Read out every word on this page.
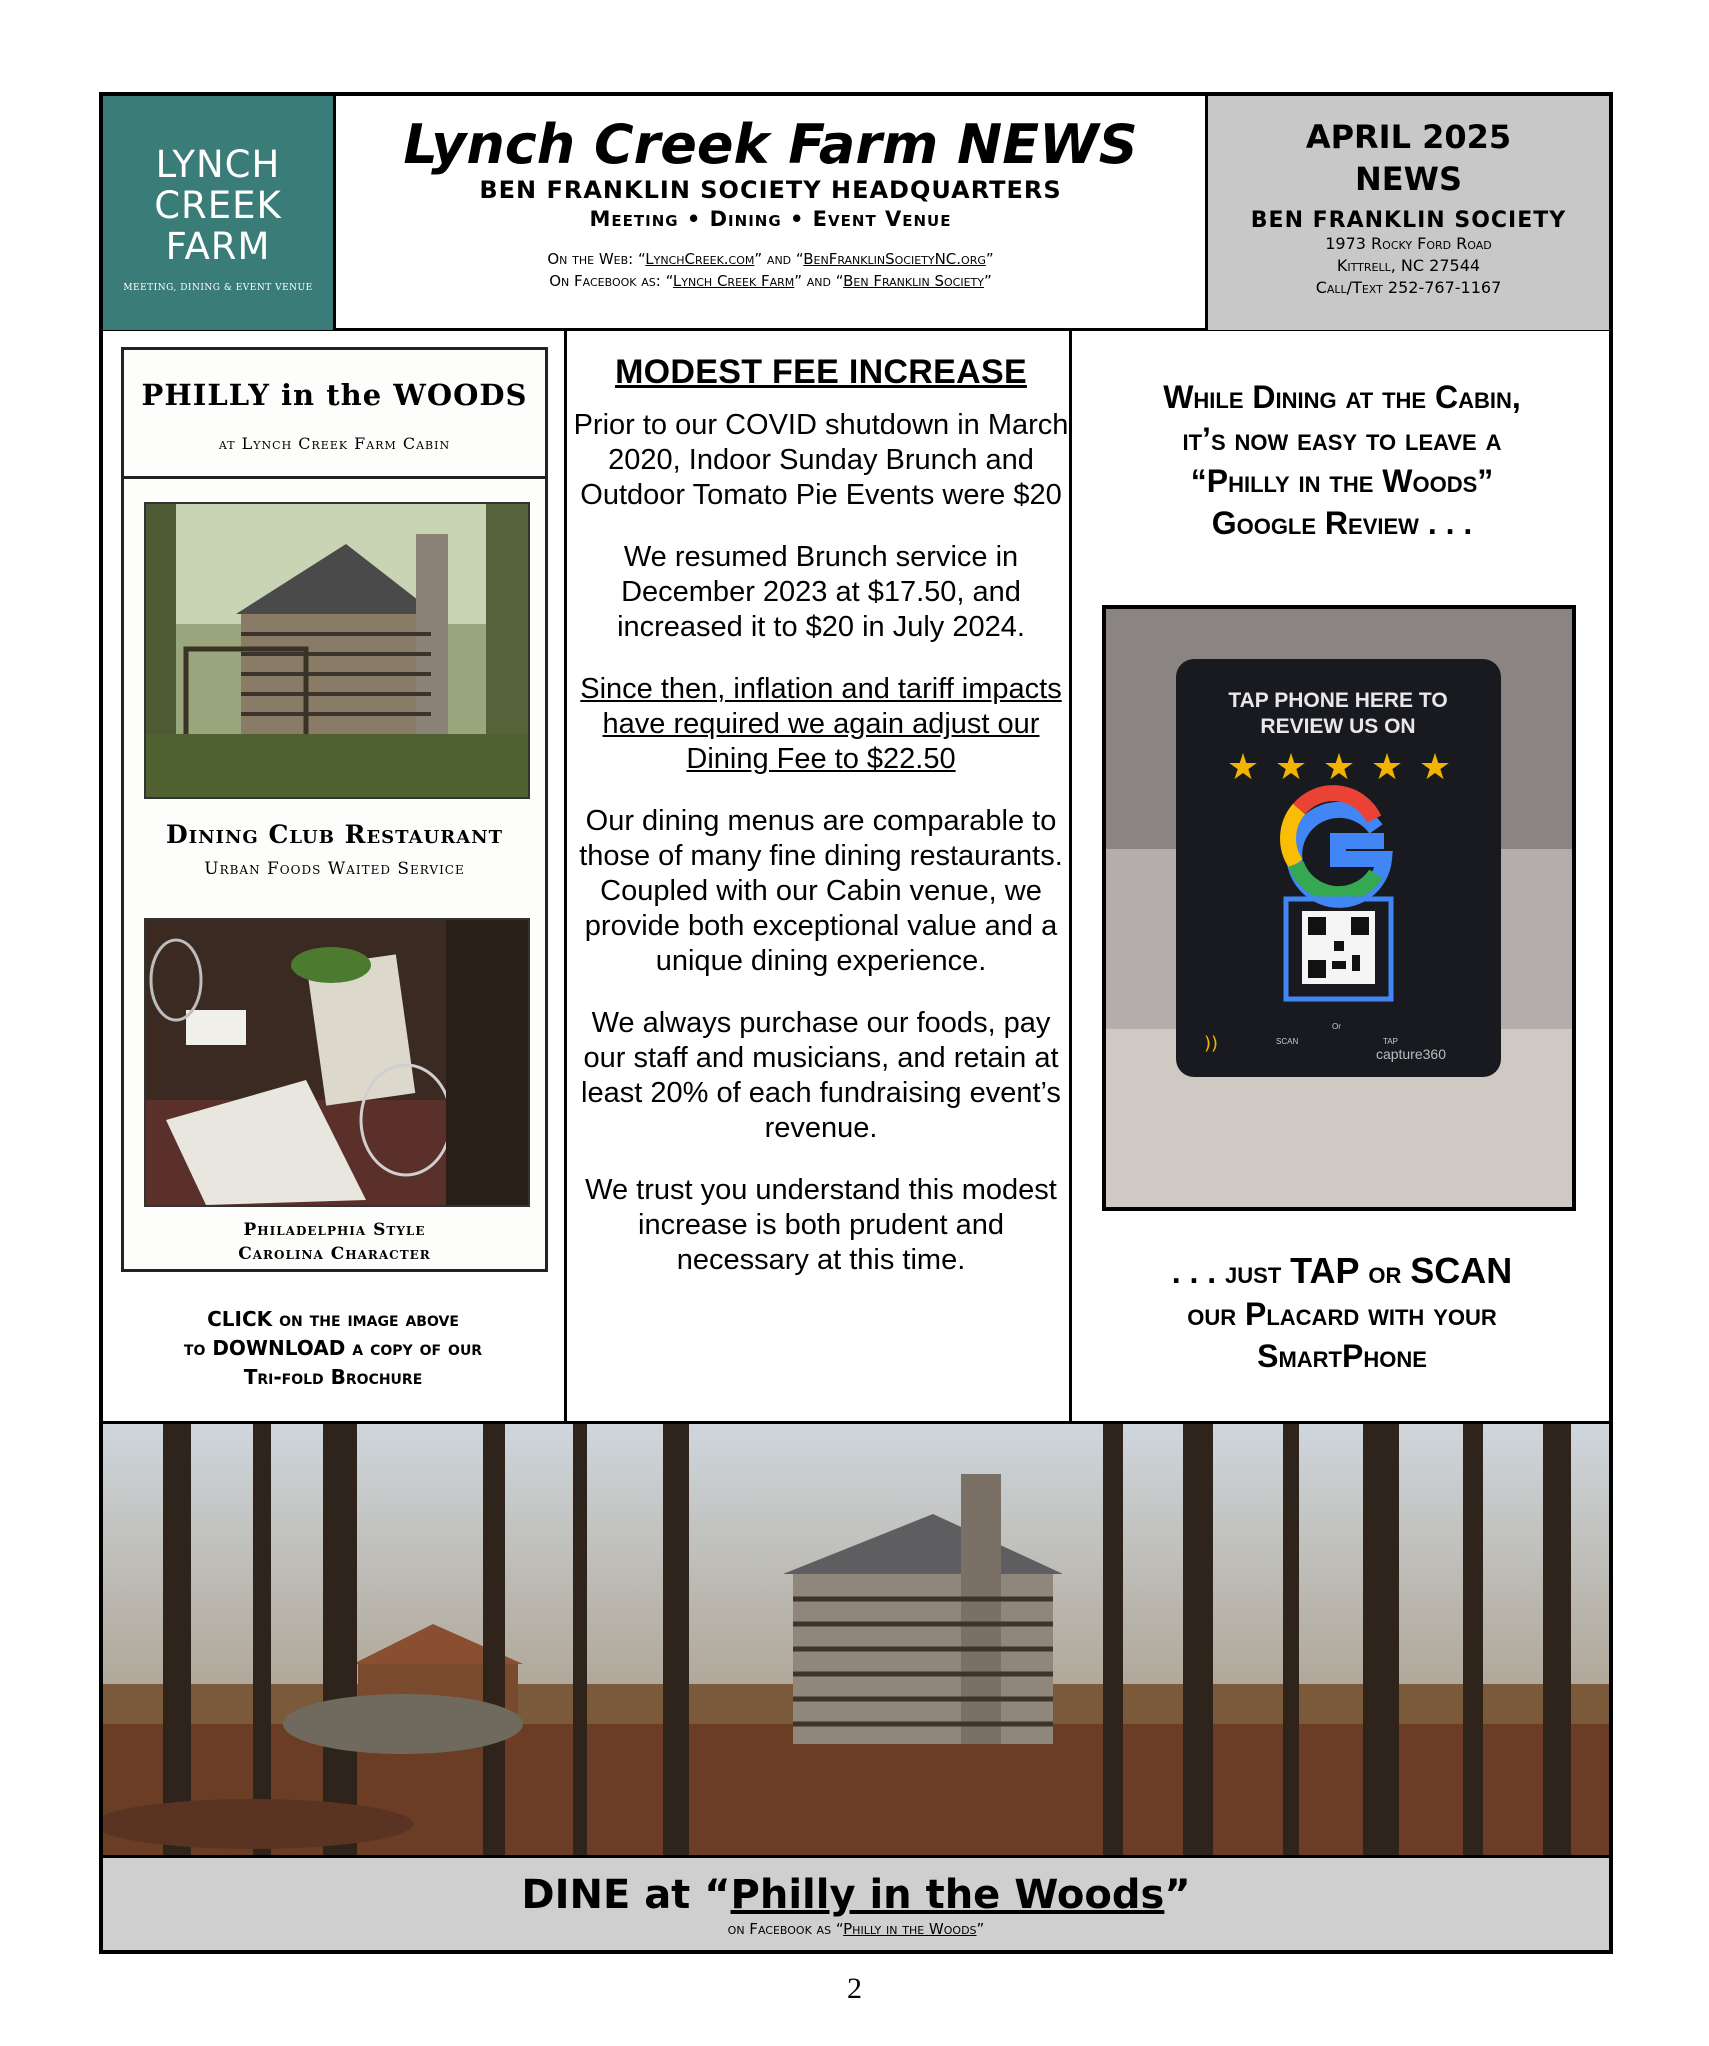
LYNCH
CREEK
FARM
MEETING, DINING & EVENT VENUE
Lynch Creek Farm NEWS
BEN FRANKLIN SOCIETY HEADQUARTERS
Meeting • Dining • Event Venue
On the Web: “LynchCreek.com” and “BenFranklinSocietyNC.org”
On Facebook as: “Lynch Creek Farm” and “Ben Franklin Society”
APRIL 2025
NEWS
BEN FRANKLIN SOCIETY
1973 Rocky Ford Road
Kittrell, NC 27544
Call/Text 252-767-1167
PHILLY in the WOODS
at Lynch Creek Farm Cabin
Dining Club Restaurant
Urban Foods Waited Service
Philadelphia Style
Carolina Character
CLICK on the image above
to DOWNLOAD a copy of our
Tri-fold Brochure
MODEST FEE INCREASE

Prior to our COVID shutdown in March 2020, Indoor Sunday Brunch and Outdoor Tomato Pie Events were $20

We resumed Brunch service in December 2023 at $17.50, and increased it to $20 in July 2024.

Since then, inflation and tariff impacts have required we again adjust our Dining Fee to $22.50

Our dining menus are comparable to those of many fine dining restaurants. Coupled with our Cabin venue, we provide both exceptional value and a unique dining experience.

We always purchase our foods, pay our staff and musicians, and retain at least 20% of each fundraising event’s revenue.

We trust you understand this modest increase is both prudent and necessary at this time.

While Dining at the Cabin,
it’s now easy to leave a
“Philly in the Woods”
Google Review . . .
TAP PHONE HERE TO
REVIEW US ON
★ ★ ★ ★ ★
SCAN
Or
TAP
capture360
))
. . . just TAP or SCAN
our Placard with your
SmartPhone
DINE at “Philly in the Woods”
on Facebook as “Philly in the Woods”
2
